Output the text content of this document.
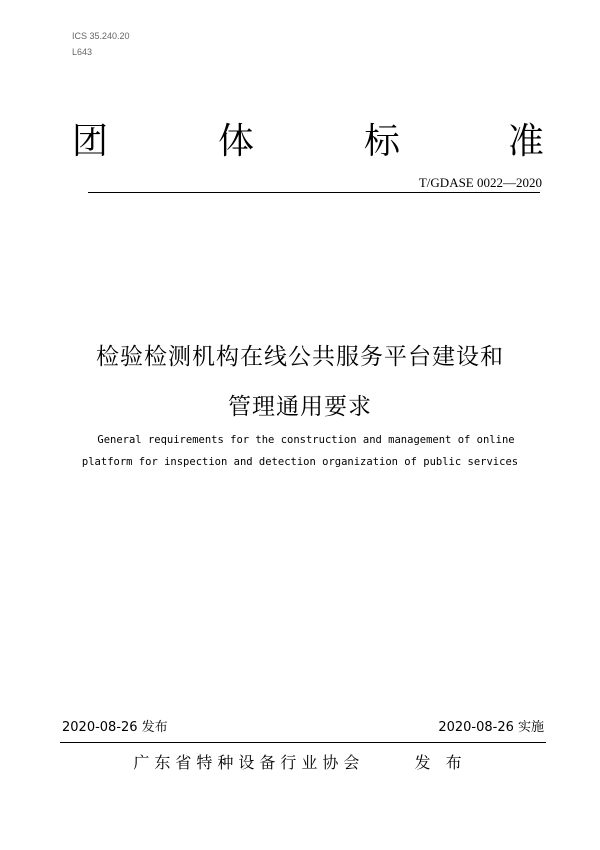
ICS 35.240.20
L643
团	体	标	准
T/GDASE 0022—2020
检验检测机构在线公共服务平台建设和
管理通用要求
General requirements for the construction and management of online
platform for inspection and detection organization of public services
2020-08-26 发布	2020-08-26 实施
广东省特种设备行业协会	发 布
